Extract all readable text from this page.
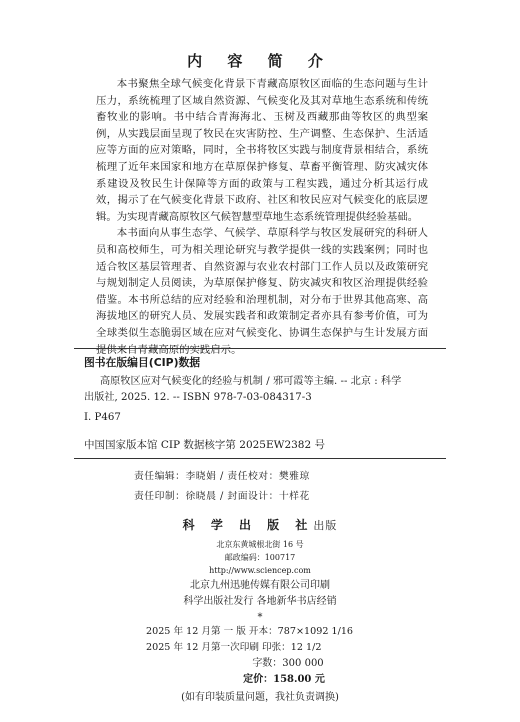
内 容 简 介

本书聚焦全球气候变化背景下青藏高原牧区面临的生态问题与生计压力，系统梳理了区域自然资源、气候变化及其对草地生态系统和传统畜牧业的影响。书中结合青海海北、玉树及西藏那曲等牧区的典型案例，从实践层面呈现了牧民在灾害防控、生产调整、生态保护、生活适应等方面的应对策略，同时，全书将牧区实践与制度背景相结合，系统梳理了近年来国家和地方在草原保护修复、草畜平衡管理、防灾减灾体系建设及牧民生计保障等方面的政策与工程实践，通过分析其运行成效，揭示了在气候变化背景下政府、社区和牧民应对气候变化的底层逻辑。为实现青藏高原牧区气候智慧型草地生态系统管理提供经验基础。

本书面向从事生态学、气候学、草原科学与牧区发展研究的科研人员和高校师生，可为相关理论研究与教学提供一线的实践案例；同时也适合牧区基层管理者、自然资源与农业农村部门工作人员以及政策研究与规划制定人员阅读，为草原保护修复、防灾减灾和牧区治理提供经验借鉴。本书所总结的应对经验和治理机制，对分布于世界其他高寒、高海拔地区的研究人员、发展实践者和政策制定者亦具有参考价值，可为全球类似生态脆弱区域在应对气候变化、协调生态保护与生计发展方面提供来自青藏高原的实践启示。

图书在版编目(CIP)数据
高原牧区应对气候变化的经验与机制 / 邪可霞等主编. -- 北京 : 科学
出版社, 2025. 12. -- ISBN 978-7-03-084317-3
Ⅰ. P467
中国国家版本馆 CIP 数据核字第 2025EW2382 号
责任编辑：李晓娟 / 责任校对：樊雅琼
责任印制：徐晓晨 / 封面设计：十样花
科 学 出 版 社出版
北京东黄城根北街 16 号
邮政编码：100717
http://www.sciencep.com
北京九州迅驰传媒有限公司印刷
科学出版社发行 各地新华书店经销
*
2025 年 12 月第 一 版 开本：787×1092 1/16
2025 年 12 月第一次印刷 印张：12 1/2
字数：300 000
定价：158.00 元
(如有印装质量问题，我社负责调换)
